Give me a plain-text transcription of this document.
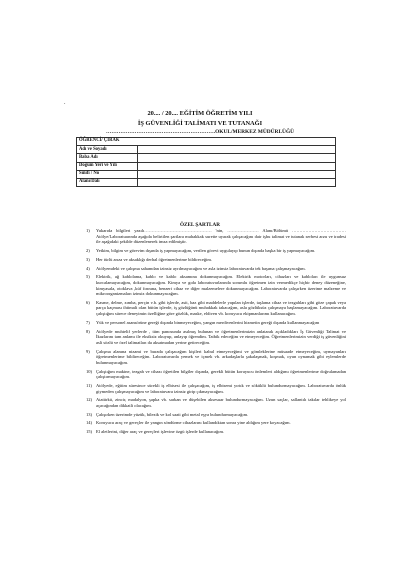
.
20.... / 20.... EĞİTİM ÖĞRETİM YILI
İŞ GÜVENLİĞİ TALİMATI VE TUTANAĞI
…………………………………………………….OKUL/MERKEZ MÜDÜRLÜĞÜ
ÖĞRENCİ/ ÇIRAK	
Adı ve Soyadı	
Baba Adı	
Doğum Yeri ve Yılı	
Sınıfı / No	
Alanı/Dalı	
ÖZEL ŞARTLAR
1) Yukarıda bilgileri yazılı……………………………………… 'nin, ………………… Alanı/Bölümü ……………………………… Atölye/Laboratuarında aşağıda belirtilen şartlara muhakkak surette uyarak çalışacağını dair işbu talimat ve tutanak serbest arzu ve iradesi ile aşağıdaki şekilde düzenlenerek imza edilmiştir.
2) Yetkim, bilgim ve görevim dışında iş yapmayacağım, verilen görevi uygulayıp bunun dışında başka bir iş yapmayacağım.
3) Her türlü arıza ve aksaklığı derhal öğretmenlerime bildireceğim.
4) Atölyemdeki ve çalışma sahamdan izinsiz ayrılmayacağım ve asla izinsiz laboratuvarda tek başıma çalışmayacağım.
5) Elektrik, ağ kablolama, kablo ve kablo aksamına dokunmayacağım. Elektrik motorları, cihazları ve kabloları ile uygunsuz kurcalamayacağım, dokunmayacağım. Kimya ve gıda laboratuvarlarında sorumlu öğretmen izin vermedikçe hiçbir deney düzeneğine, kimyasala, otoklava ,küf fırınına, benzeri cihaz ve diğer malzemelere dokunmayacağım. Laboratuvarda çalışırken üzerime malzeme ve mikroorganizmaları izinsiz dokunmayacağım.
6) Kasme, delme, zımba, perçin v.b. gibi işlerde, asit, baz gibi maddelerle yapılan işlerde, taşlama cihaz ve tezgahları gibi göze çapak veya parça kaçması ihtimali olan bütün işlerde, iş gözlüğünü muhakkak takacağım, asla gözlüksüz çalışmaya başlamayacağım. Laboratuvarda çalıştığım sürece deneyimin özelliğine göre gözlük, maske, eldiven vb. koruyucu ekipmanlarımı kullanacağım.
7) Yük ve personel asansörüne gereği dışında binmeyeceğim, yangın merdivenlerini hizmetin gereği dışında kullanmayacağım
8) Atölyede muhtelif yerlerde , tüm panosunda asılmış bulunan ve öğretmenlerimizin anlatarak açıkladıkları İş Güvenliği Talimat ve İkazlarını tam anlamı ile eksiksiz okuyup, anlayıp öğrendim. Tatbik edeceğim ve etmeyeceğim. Öğretmenlerimizin verdiği iş güvenliğini asli sözlü ve özel talimatları da aksatmadan yerine getireceğim.
9) Çalışma alanına nizami ve burada çalışacağım kişileri kabul etmeyeceğimi ve gömleklerine müsaade etmeyeceğim, uymayanları öğretmenlerime bildireceğim. Laboratuvarda yemek ve içmek vb. arkadaşlarla şakalaşmak, koşmak, oyun oynamak gibi eylemlerde bulunmayacağım.
10) Çalıştığım makine, tezgah ve cihazı öğretilen bilgiler dışında, gerekli bütün koruyucu önlemleri aldığımı öğretmenlerime doğrulamadan çalıştırmayacağım.
11) Atölyede, eğitim süresince sürekli iş elbisesi ile çalışacağım, iş elbisemi yırtık ve söküklü bulundurmayacağım. Laboratuvarda önlük giymeden çalışmayacağım ve laboratuvara izinsiz girip çıkmayacağım.
12) Atatürkü, zincir, madalyon, şapka vb. sarkan ve düşebilen aksesuar bulundurmayacağım. Uzun saçlar, sallantılı takılar tehlikeye yol açacağından dikkatli olacağım.
13) Çalışırken üzerimde yüzük, bilezik ve kol saati gibi metal eşya bulundurmayacağım.
14) Koruyucu araç ve gereçler ile yangın söndürme cihazlarını kullandıktan sonra yine aldığım yere koyacağım.
15) El aletlerini, diğer araç ve gereçleri işlevine özgü işlerde kullanacağım.
